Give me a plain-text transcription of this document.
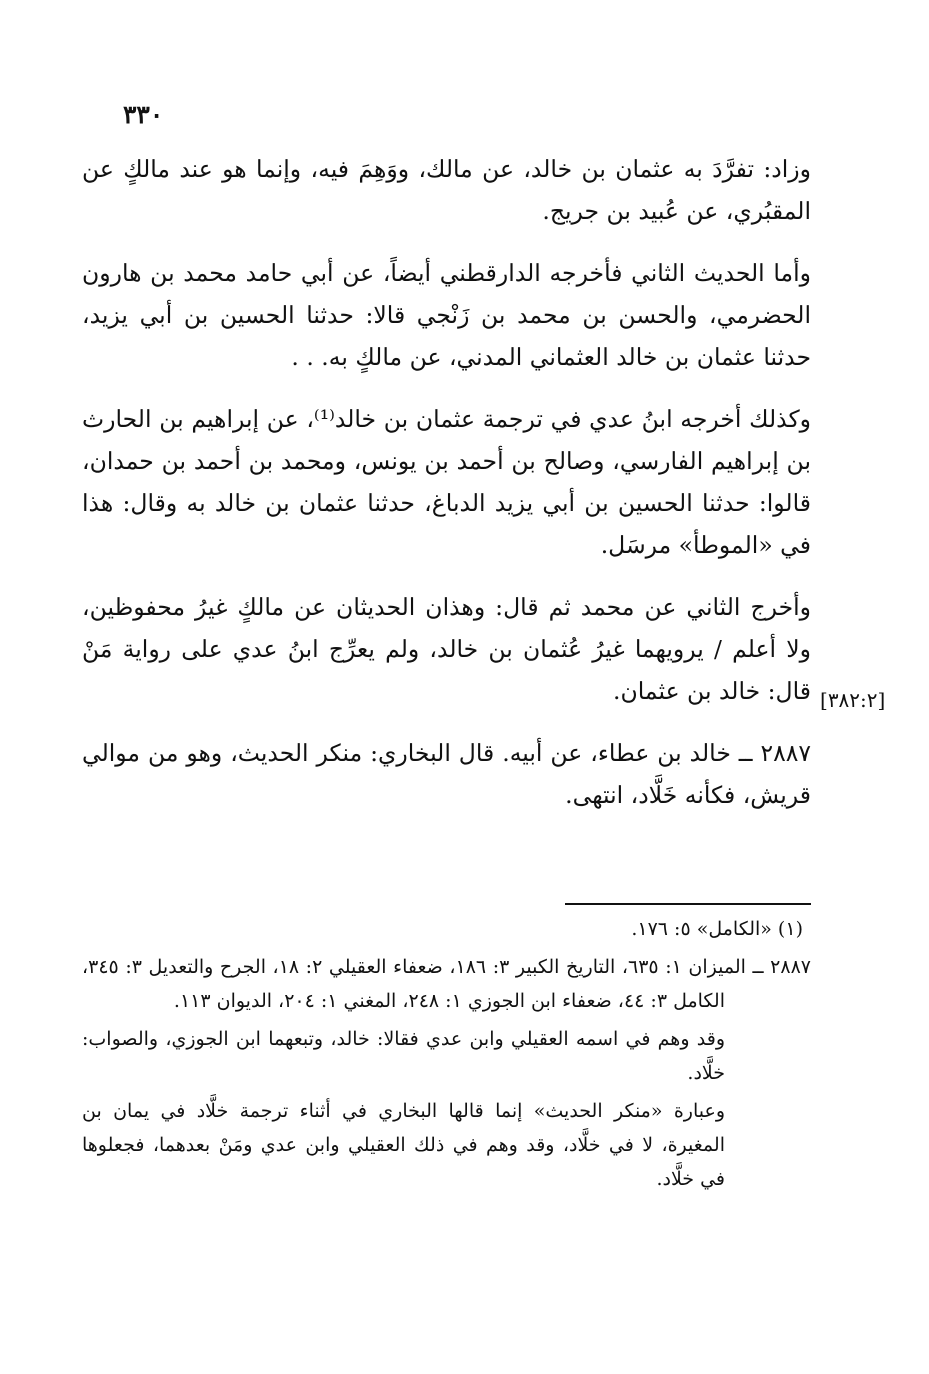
٣٣٠

وزاد: تفرَّدَ به عثمان بن خالد، عن مالك، ووَهِمَ فيه، وإنما هو عند مالكٍ عن المقبُري، عن عُبيد بن جريج.

وأما الحديث الثاني فأخرجه الدارقطني أيضاً، عن أبي حامد محمد بن هارون الحضرمي، والحسن بن محمد بن زَنْجي قالا: حدثنا الحسين بن أبي يزيد، حدثنا عثمان بن خالد العثماني المدني، عن مالكٍ به. . .

وكذلك أخرجه ابنُ عدي في ترجمة عثمان بن خالد⁽¹⁾، عن إبراهيم بن الحارث بن إبراهيم الفارسي، وصالح بن أحمد بن يونس، ومحمد بن أحمد بن حمدان، قالوا: حدثنا الحسين بن أبي يزيد الدباغ، حدثنا عثمان بن خالد به وقال: هذا في «الموطأ» مرسَل.

وأخرج الثاني عن محمد ثم قال: وهذان الحديثان عن مالكٍ غيرُ محفوظين، ولا أعلم / يرويهما غيرُ عُثمان بن خالد، ولم يعرِّج ابنُ عدي على رواية مَنْ قال: خالد بن عثمان.

٢٨٨٧ ــ خالد بن عطاء، عن أبيه. قال البخاري: منكر الحديث، وهو من موالي قريش، فكأنه خَلَّاد، انتهى.

[٣٨٢:٢]

(١) «الكامل» ٥: ١٧٦.

٢٨٨٧ ــ الميزان ١: ٦٣٥، التاريخ الكبير ٣: ١٨٦، ضعفاء العقيلي ٢: ١٨، الجرح والتعديل ٣: ٣٤٥، الكامل ٣: ٤٤، ضعفاء ابن الجوزي ١: ٢٤٨، المغني ١: ٢٠٤، الديوان ١١٣.

وقد وهم في اسمه العقيلي وابن عدي فقالا: خالد، وتبعهما ابن الجوزي، والصواب: خلَّاد.

وعبارة «منكر الحديث» إنما قالها البخاري في أثناء ترجمة خلَّاد في يمان بن المغيرة، لا في خلَّاد، وقد وهم في ذلك العقيلي وابن عدي ومَنْ بعدهما، فجعلوها في خلَّاد.
